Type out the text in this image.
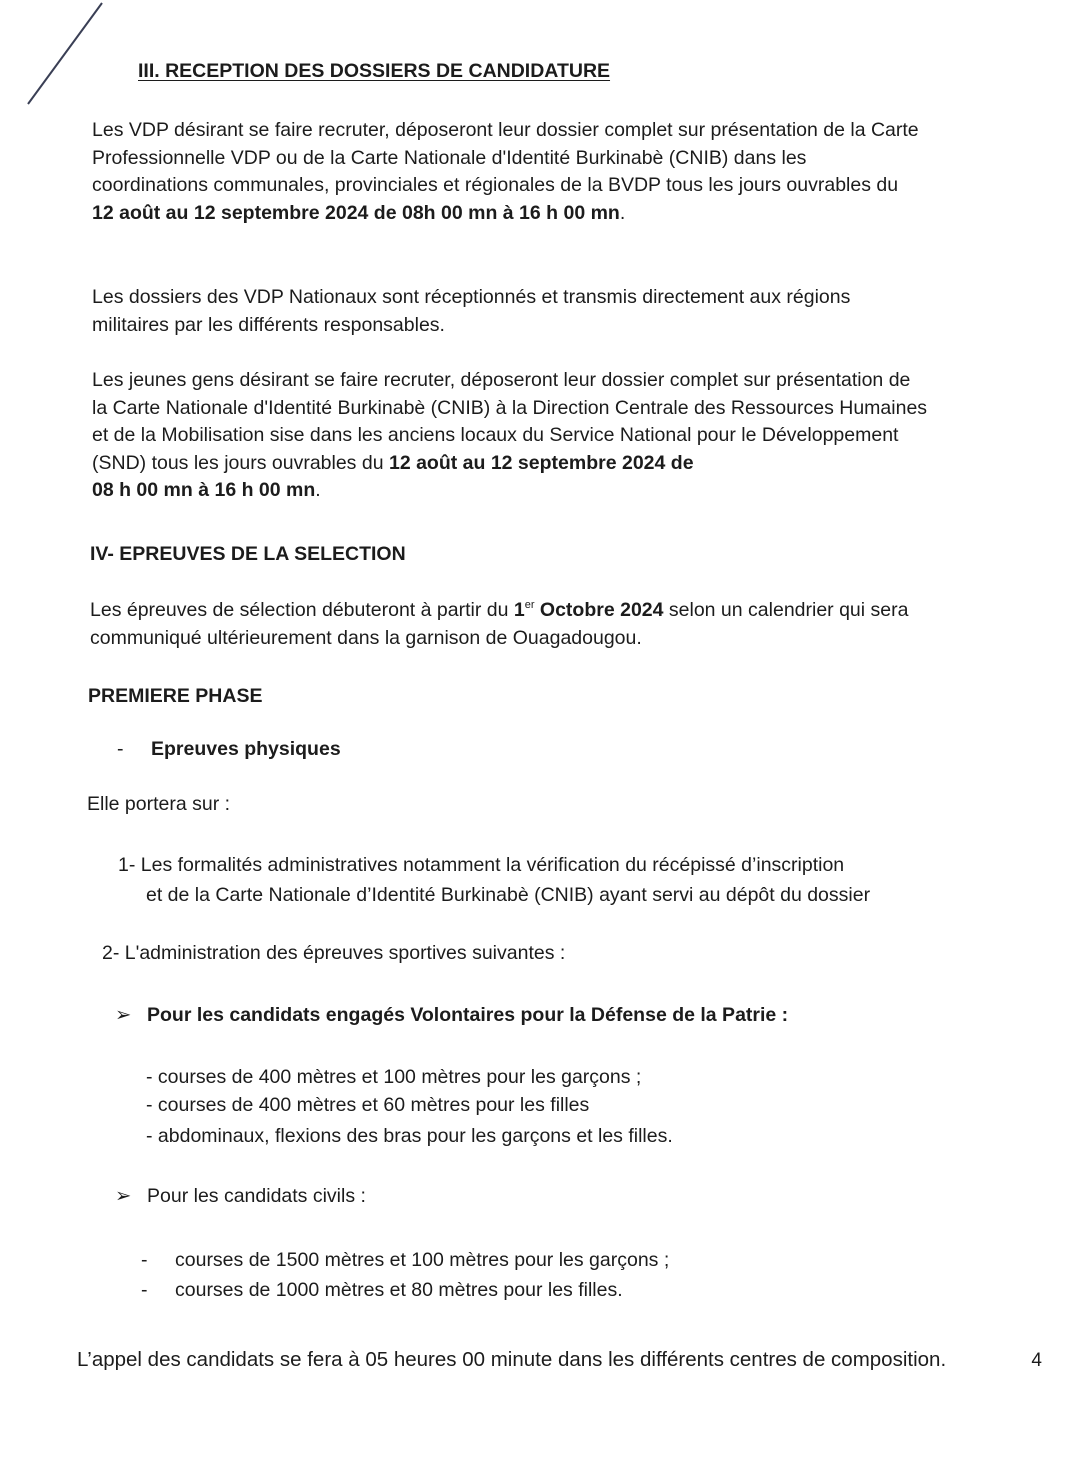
III. RECEPTION DES DOSSIERS DE CANDIDATURE
Les VDP désirant se faire recruter, déposeront leur dossier complet sur présentation de la Carte
Professionnelle VDP ou de la Carte Nationale d'Identité Burkinabè (CNIB) dans les
coordinations communales, provinciales et régionales de la BVDP tous les jours ouvrables du
12 août au 12 septembre 2024 de 08h 00 mn à 16 h 00 mn.
Les dossiers des VDP Nationaux sont réceptionnés et transmis directement aux régions
militaires par les différents responsables.
Les jeunes gens désirant se faire recruter, déposeront leur dossier complet sur présentation de
la Carte Nationale d'Identité Burkinabè (CNIB) à la Direction Centrale des Ressources Humaines
et de la Mobilisation sise dans les anciens locaux du Service National pour le Développement
(SND) tous les jours ouvrables du 12 août au 12 septembre 2024 de
08 h 00 mn à 16 h 00 mn.
IV- EPREUVES DE LA SELECTION
Les épreuves de sélection débuteront à partir du 1er Octobre 2024 selon un calendrier qui sera
communiqué ultérieurement dans la garnison de Ouagadougou.
PREMIERE PHASE
- Epreuves physiques
Elle portera sur :
1- Les formalités administratives notamment la vérification du récépissé d’inscription
et de la Carte Nationale d’Identité Burkinabè (CNIB) ayant servi au dépôt du dossier
2- L'administration des épreuves sportives suivantes :
➢ Pour les candidats engagés Volontaires pour la Défense de la Patrie :
- courses de 400 mètres et 100 mètres pour les garçons ;
- courses de 400 mètres et 60 mètres pour les filles
- abdominaux, flexions des bras pour les garçons et les filles.
➢ Pour les candidats civils :
- courses de 1500 mètres et 100 mètres pour les garçons ;
- courses de 1000 mètres et 80 mètres pour les filles.
L’appel des candidats se fera à 05 heures 00 minute dans les différents centres de composition.	4
